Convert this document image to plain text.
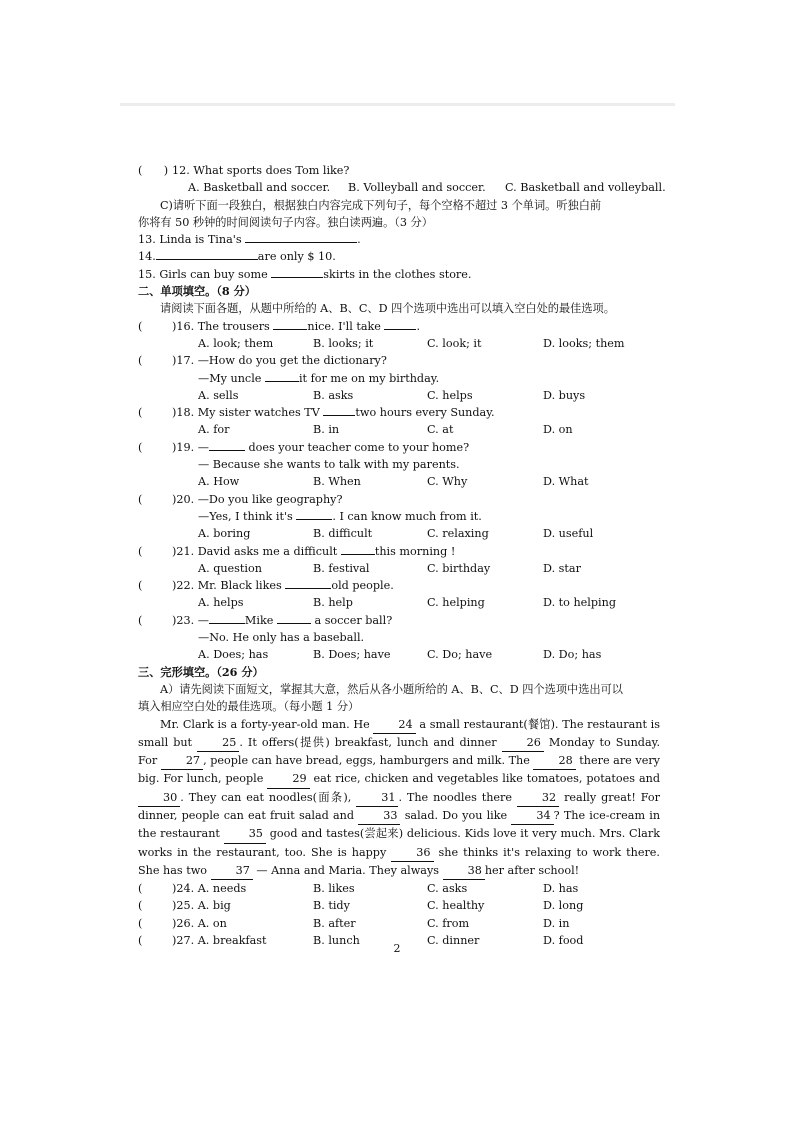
( ) 12. What sports does Tom like?
A. Basketball and soccer. B. Volleyball and soccer. C. Basketball and volleyball.
C)请听下面一段独白，根据独白内容完成下列句子，每个空格不超过 3 个单词。听独白前
你将有 50 秒钟的时间阅读句子内容。独白读两遍。（3 分）
13. Linda is Tina's	.
14.	are only $ 10.
15. Girls can buy some	skirts in the clothes store.
二、单项填空。（8 分）
请阅读下面各题，从题中所给的 A、B、C、D 四个选项中选出可以填入空白处的最佳选项。
(	)16. The trousers	nice. I'll take	.
A. look; them	B. looks; it	C. look; it	D. looks; them
(	)17. —How do you get the dictionary?
—My uncle	it for me on my birthday.
A. sells	B. asks	C. helps	D. buys
(	)18. My sister watches TV	two hours every Sunday.
A. for	B. in	C. at	D. on
(	)19. —	does your teacher come to your home?
— Because she wants to talk with my parents.
A. How	B. When	C. Why	D. What
(	)20. —Do you like geography?
—Yes, I think it's	. I can know much from it.
A. boring	B. difficult	C. relaxing	D. useful
(	)21. David asks me a difficult	this morning !
A. question	B. festival	C. birthday	D. star
(	)22. Mr. Black likes	old people.
A. helps	B. help	C. helping	D. to helping
(	)23. —	Mike	a soccer ball?
—No. He only has a baseball.
A. Does; has	B. Does; have	C. Do; have	D. Do; has
三、完形填空。（26 分）
A）请先阅读下面短文，掌握其大意，然后从各小题所给的 A、B、C、D 四个选项中选出可以
填入相应空白处的最佳选项。（每小题 1 分）
Mr. Clark is a forty-year-old man. He	24 a small restaurant(餐馆). The restaurant is small but	25 . It offers(提供) breakfast, lunch and dinner	26 Monday to Sunday. For	27 , people can have bread, eggs, hamburgers and milk. The	28 there are very big. For lunch, people	29 eat rice, chicken and vegetables like tomatoes, potatoes and 30 . They can eat noodles(面条),	31 . The noodles there	32 really great! For dinner, people can eat fruit salad and	33 salad. Do you like	34 ? The ice-cream in the restaurant	35 good and tastes(尝起来) delicious. Kids love it very much. Mrs. Clark works in the restaurant, too. She is happy	36 she thinks it's relaxing to work there. She has two	37 — Anna and Maria. They always	38 her after school!
(	)24. A. needs	B. likes	C. asks	D. has
(	)25. A. big	B. tidy	C. healthy	D. long
(	)26. A. on	B. after	C. from	D. in
(	)27. A. breakfast	B. lunch	C. dinner	D. food
2
